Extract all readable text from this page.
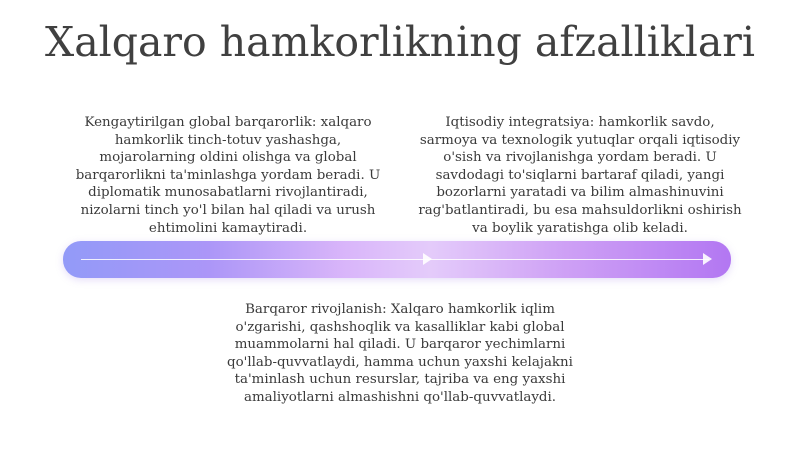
Xalqaro hamkorlikning afzalliklari
Kengaytirilgan global barqarorlik: xalqaro hamkorlik tinch-totuv yashashga, mojarolarning oldini olishga va global barqarorlikni ta'minlashga yordam beradi. U diplomatik munosabatlarni rivojlantiradi, nizolarni tinch yo'l bilan hal qiladi va urush ehtimolini kamaytiradi.
Iqtisodiy integratsiya: hamkorlik savdo, sarmoya va texnologik yutuqlar orqali iqtisodiy o'sish va rivojlanishga yordam beradi. U savdodagi to'siqlarni bartaraf qiladi, yangi bozorlarni yaratadi va bilim almashinuvini rag'batlantiradi, bu esa mahsuldorlikni oshirish va boylik yaratishga olib keladi.
Barqaror rivojlanish: Xalqaro hamkorlik iqlim o'zgarishi, qashshoqlik va kasalliklar kabi global muammolarni hal qiladi. U barqaror yechimlarni qo'llab-quvvatlaydi, hamma uchun yaxshi kelajakni ta'minlash uchun resurslar, tajriba va eng yaxshi amaliyotlarni almashishni qo'llab-quvvatlaydi.
